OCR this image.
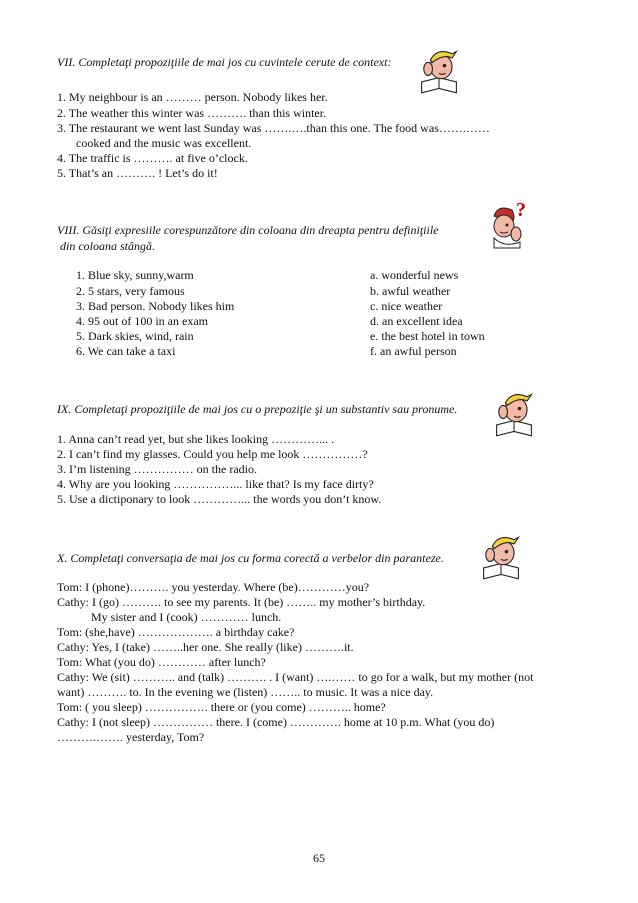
VII. Completaţi propoziţiile de mai jos cu cuvintele cerute de context:
1. My neighbour is an ……… person. Nobody likes her.
2. The weather this winter was ………. than this winter.
3. The restaurant we went last Sunday was …….….than this one. The food was…….……
cooked and the music was excellent.
4. The traffic is ………. at five o’clock.
5. That’s an ………. ! Let’s do it!
VIII. Găsiţi expresiile corespunzătore din coloana din dreapta pentru definiţiile
din coloana stângă.
?
1. Blue sky, sunny,warm
2. 5 stars, very famous
3. Bad person. Nobody likes him
4. 95 out of 100 in an exam
5. Dark skies, wind, rain
6. We can take a taxi
a. wonderful news
b. awful weather
c. nice weather
d. an excellent idea
e. the best hotel in town
f. an awful person
IX. Completaţi propoziţiile de mai jos cu o prepoziţie şi un substantiv sau pronume.
1. Anna can’t read yet, but she likes looking …………... .
2. I can’t find my glasses. Could you help me look ……………?
3. I’m listening …………… on the radio.
4. Why are you looking ……………... like that? Is my face dirty?
5. Use a dictiponary to look …………... the words you don’t know.
X. Completaţi conversaţia de mai jos cu forma corectă a verbelor din paranteze.
Tom: I (phone)………. you yesterday. Where (be)…………you?
Cathy: I (go) ………. to see my parents. It (be) …….. my mother’s birthday.
My sister and I (cook) ………… lunch.
Tom: (she,have) ………………. a birthday cake?
Cathy: Yes, I (take) ……..her one. She really (like) ……….it.
Tom: What (you do) ………… after lunch?
Cathy: We (sit) ……….. and (talk) ………. . I (want) ….…… to go for a walk, but my mother (not
want) ………. to. In the evening we (listen) …….. to music. It was a nice day.
Tom: ( you sleep) ……………. there or (you come) ……….. home?
Cathy: I (not sleep) …………… there. I (come) …………. home at 10 p.m. What (you do)
……….……. yesterday, Tom?
65
